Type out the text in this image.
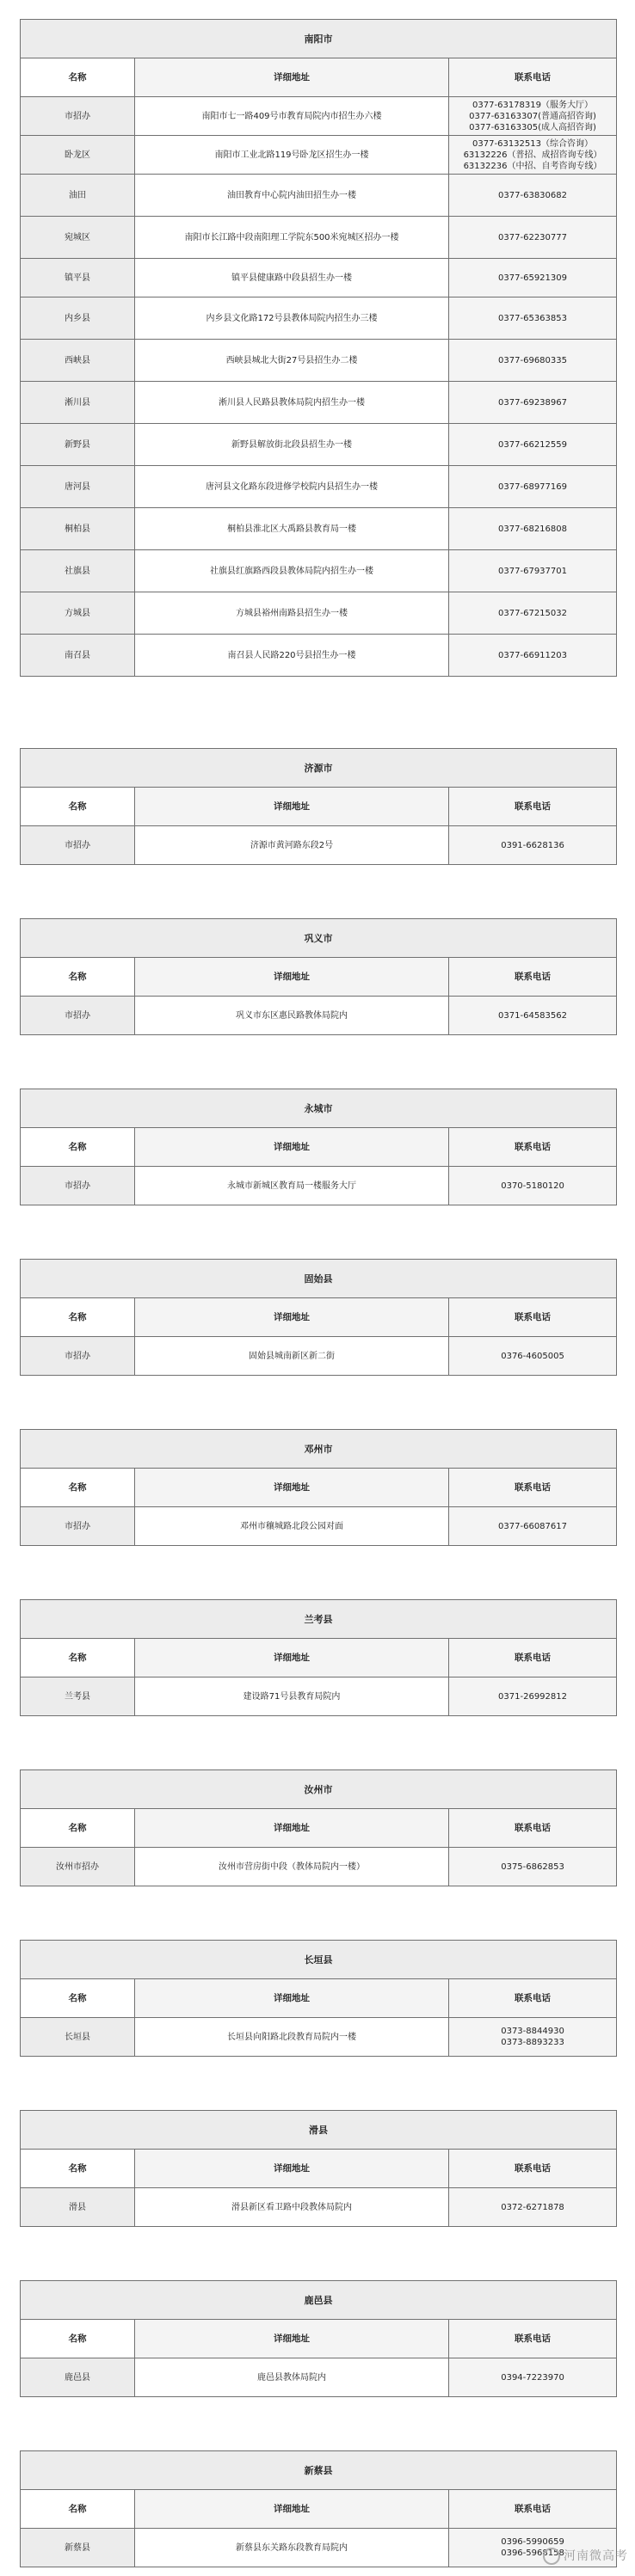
南阳市		
名称	详细地址	联系电话
市招办	南阳市七一路409号市教育局院内市招生办六楼	0377-63178319（服务大厅）
0377-63163307(普通高招咨询)
0377-63163305(成人高招咨询)

卧龙区	南阳市工业北路119号卧龙区招生办一楼	0377-63132513（综合咨询）
63132226（普招、成招咨询专线）
63132236（中招、自考咨询专线）

油田	油田教育中心院内油田招生办一楼	0377-63830682

宛城区	南阳市长江路中段南阳理工学院东500米宛城区招办一楼	0377-62230777

镇平县	镇平县健康路中段县招生办一楼	0377-65921309

内乡县	内乡县文化路172号县教体局院内招生办三楼	0377-65363853

西峡县	西峡县城北大街27号县招生办二楼	0377-69680335

淅川县	淅川县人民路县教体局院内招生办一楼	0377-69238967

新野县	新野县解放街北段县招生办一楼	0377-66212559

唐河县	唐河县文化路东段进修学校院内县招生办一楼	0377-68977169

桐柏县	桐柏县淮北区大禹路县教育局一楼	0377-68216808

社旗县	社旗县红旗路西段县教体局院内招生办一楼	0377-67937701

方城县	方城县裕州南路县招生办一楼	0377-67215032

南召县	南召县人民路220号县招生办一楼	0377-66911203
济源市		
名称	详细地址	联系电话
市招办	济源市黄河路东段2号	0391-6628136
巩义市		
名称	详细地址	联系电话
市招办	巩义市东区惠民路教体局院内	0371-64583562
永城市		
名称	详细地址	联系电话
市招办	永城市新城区教育局一楼服务大厅	0370-5180120
固始县		
名称	详细地址	联系电话
市招办	固始县城南新区新二街	0376-4605005
邓州市		
名称	详细地址	联系电话
市招办	邓州市穰城路北段公园对面	0377-66087617
兰考县		
名称	详细地址	联系电话
兰考县	建设路71号县教育局院内	0371-26992812
汝州市		
名称	详细地址	联系电话
汝州市招办	汝州市营房街中段（教体局院内一楼）	0375-6862853
长垣县		
名称	详细地址	联系电话
长垣县	长垣县向阳路北段教育局院内一楼	0373-8844930
0373-8893233
滑县		
名称	详细地址	联系电话
滑县	滑县新区看卫路中段教体局院内	0372-6271878
鹿邑县		
名称	详细地址	联系电话
鹿邑县	鹿邑县教体局院内	0394-7223970
新蔡县		
名称	详细地址	联系电话
新蔡县	新蔡县东关路东段教育局院内	0396-5990659
0396-5968158 河南微高考
